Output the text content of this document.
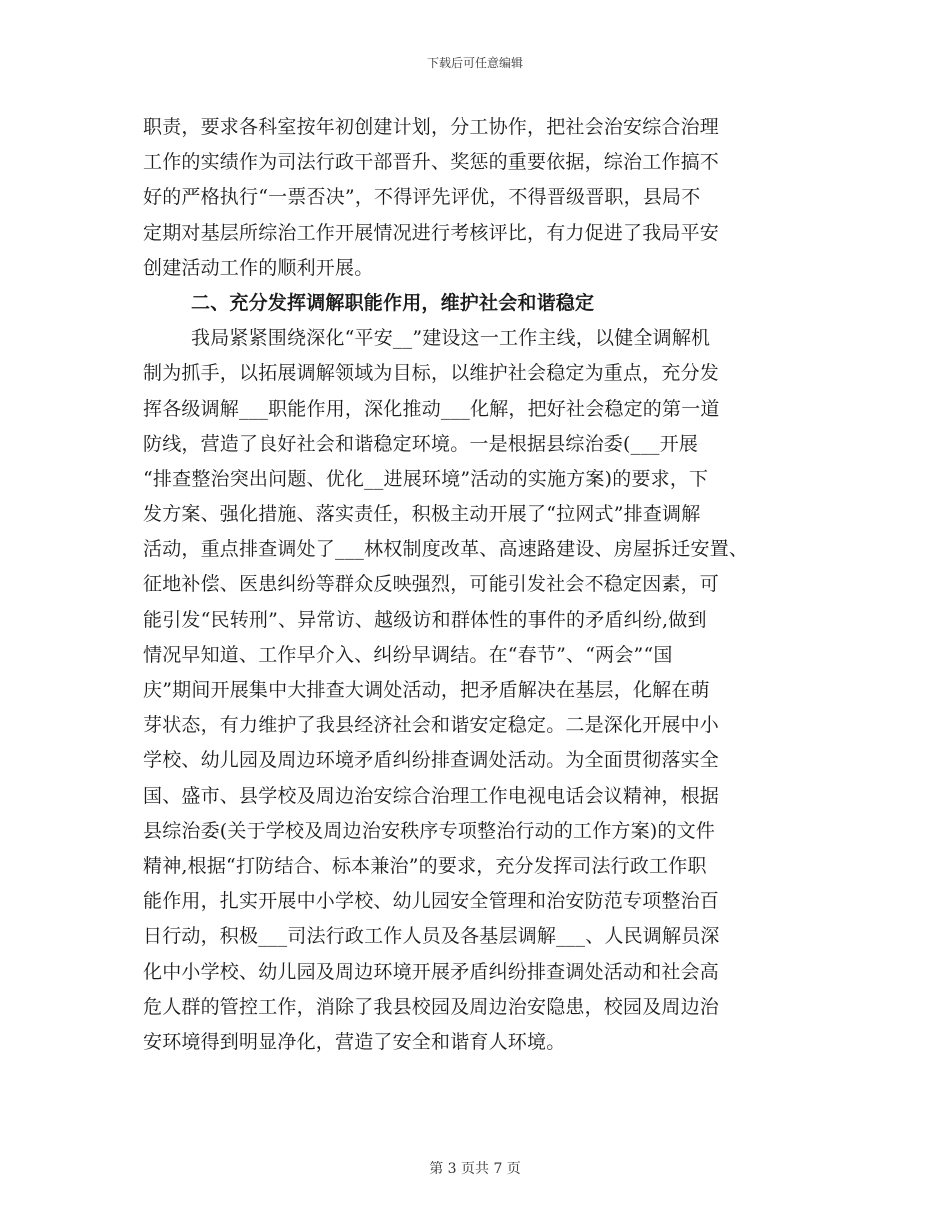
下载后可任意编辑
职责，要求各科室按年初创建计划，分工协作，把社会治安综合治理
工作的实绩作为司法行政干部晋升、奖惩的重要依据，综治工作搞不
好的严格执行“一票否决”，不得评先评优，不得晋级晋职，县局不
定期对基层所综治工作开展情况进行考核评比，有力促进了我局平安
创建活动工作的顺利开展。
二、充分发挥调解职能作用，维护社会和谐稳定
我局紧紧围绕深化“平安__”建设这一工作主线，以健全调解机
制为抓手，以拓展调解领域为目标，以维护社会稳定为重点，充分发
挥各级调解___职能作用，深化推动___化解，把好社会稳定的第一道
防线，营造了良好社会和谐稳定环境。一是根据县综治委(___开展
“排查整治突出问题、优化__进展环境”活动的实施方案)的要求，下
发方案、强化措施、落实责任，积极主动开展了“拉网式”排查调解
活动，重点排查调处了___林权制度改革、高速路建设、房屋拆迁安置、
征地补偿、医患纠纷等群众反映强烈，可能引发社会不稳定因素，可
能引发“民转刑”、异常访、越级访和群体性的事件的矛盾纠纷,做到
情况早知道、工作早介入、纠纷早调结。在“春节”、“两会”“国
庆”期间开展集中大排查大调处活动，把矛盾解决在基层，化解在萌
芽状态，有力维护了我县经济社会和谐安定稳定。二是深化开展中小
学校、幼儿园及周边环境矛盾纠纷排查调处活动。为全面贯彻落实全
国、盛市、县学校及周边治安综合治理工作电视电话会议精神，根据
县综治委(关于学校及周边治安秩序专项整治行动的工作方案)的文件
精神,根据“打防结合、标本兼治”的要求，充分发挥司法行政工作职
能作用，扎实开展中小学校、幼儿园安全管理和治安防范专项整治百
日行动，积极___司法行政工作人员及各基层调解___、人民调解员深
化中小学校、幼儿园及周边环境开展矛盾纠纷排查调处活动和社会高
危人群的管控工作，消除了我县校园及周边治安隐患，校园及周边治
安环境得到明显净化，营造了安全和谐育人环境。
第 3 页共 7 页
